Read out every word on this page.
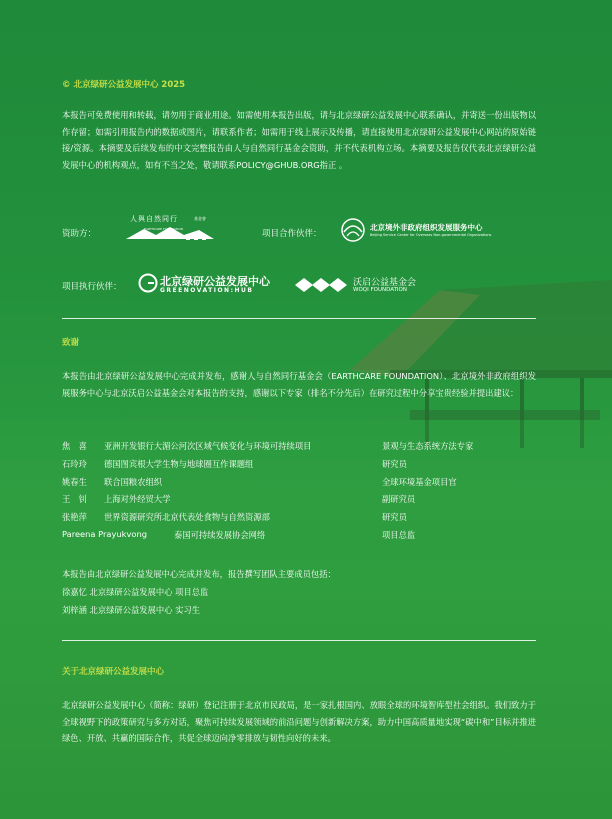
© 北京绿研公益发展中心 2025
本报告可免费使用和转载，请勿用于商业用途。如需使用本报告出版，请与北京绿研公益发展中心联系确认，并寄送一份出版物以作存留；如需引用报告内的数据或图片，请联系作者；如需用于线上展示及传播，请直接使用北京绿研公益发展中心网站的原始链接/资源。本摘要及后续发布的中文完整报告由人与自然同行基金会资助，并不代表机构立场。本摘要及报告仅代表北京绿研公益发展中心的机构观点，如有不当之处，敬请联系POLICY@GHUB.ORG指正 。
资助方：
人與自然同行	基金會
EARTHCARE FOUNDATION	项目合作伙伴：
北京境外非政府组织发展服务中心
Beijing Service Center for Overseas Non-governmental Organizations
项目执行伙伴：	北京绿研公益发展中心
GREENOVATION:HUB
沃启公益基金会
WOQI FOUNDATION
致谢
本报告由北京绿研公益发展中心完成并发布，感谢人与自然同行基金会（EARTHCARE FOUNDATION）、北京境外非政府组织发展服务中心与北京沃启公益基金会对本报告的支持，感谢以下专家（排名不分先后）在研究过程中分享宝贵经验并提出建议：
焦　喜 亚洲开发银行大湄公河次区域气候变化与环境可持续项目	景观与生态系统方法专家
石玲玲 德国图宾根大学生物与地球圈互作课题组	研究员
姚春生 联合国粮农组织	全球环境基金项目官
王　钊 上海对外经贸大学	副研究员
张艳萍 世界资源研究所北京代表处食物与自然资源部	研究员
Pareena Prayukvong	泰国可持续发展协会网络	项目总监
本报告由北京绿研公益发展中心完成并发布，报告撰写团队主要成员包括：
徐嘉忆 北京绿研公益发展中心 项目总监
刘梓涵 北京绿研公益发展中心 实习生
关于北京绿研公益发展中心
北京绿研公益发展中心（简称：绿研）登记注册于北京市民政局，是一家扎根国内、放眼全球的环境智库型社会组织。我们致力于全球视野下的政策研究与多方对话，聚焦可持续发展领域的前沿问题与创新解决方案，助力中国高质量地实现“碳中和”目标并推进绿色、开放、共赢的国际合作，共促全球迈向净零排放与韧性向好的未来。
